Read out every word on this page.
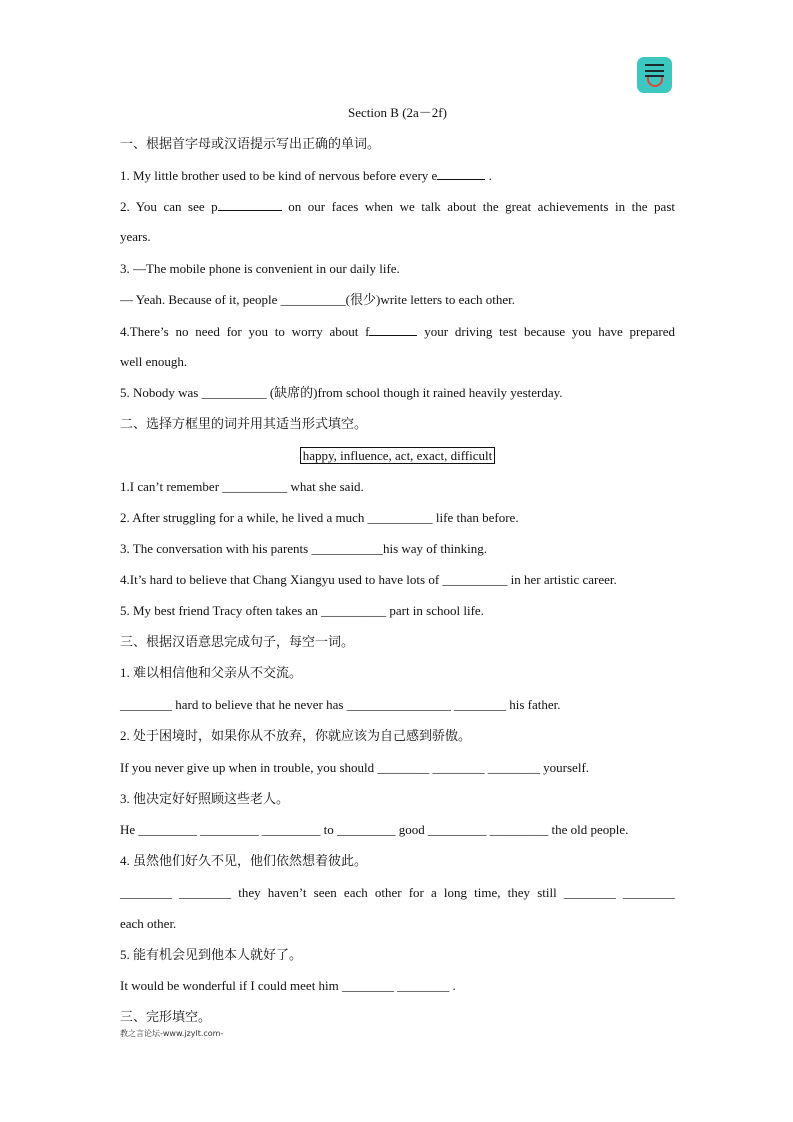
Section B (2a－2f)
一、根据首字母或汉语提示写出正确的单词。
1. My little brother used to be kind of nervous before every e	.
2. You can see p	on our faces when we talk about the great achievements in the past
years.
3. —The mobile phone is convenient in our daily life.
— Yeah. Because of it, people __________(很少)write letters to each other.
4.There’s no need for you to worry about f	your driving test because you have prepared
well enough.
5. Nobody was __________ (缺席的)from school though it rained heavily yesterday.
二、选择方框里的词并用其适当形式填空。
happy, influence, act, exact, difficult
1.I can’t remember __________ what she said.
2. After struggling for a while, he lived a much __________ life than before.
3. The conversation with his parents ___________his way of thinking.
4.It’s hard to believe that Chang Xiangyu used to have lots of __________ in her artistic career.
5. My best friend Tracy often takes an __________ part in school life.
三、根据汉语意思完成句子，每空一词。
1. 难以相信他和父亲从不交流。
________ hard to believe that he never has ________________ ________ his father.
2. 处于困境时，如果你从不放弃，你就应该为自己感到骄傲。
If you never give up when in trouble, you should ________ ________ ________ yourself.
3. 他决定好好照顾这些老人。
He _________ _________ _________ to _________ good _________ _________ the old people.
4. 虽然他们好久不见，他们依然想着彼此。
________ ________ they haven’t seen each other for a long time, they still ________ ________
each other.
5. 能有机会见到他本人就好了。
It would be wonderful if I could meet him ________ ________ .
三、完形填空。
教之言论坛-www.jzylt.com-
